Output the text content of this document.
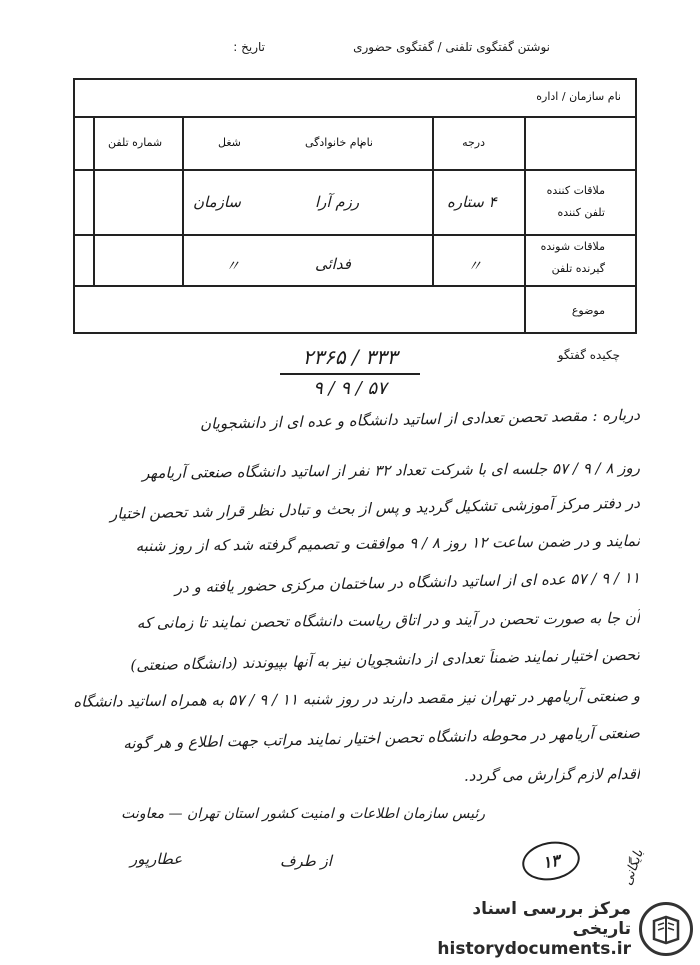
نوشتن گفتگوی تلفنی / گفتگوی حضوری
تاریخ :
نام سازمان / اداره
درجه
نام
نام خانوادگی
شغل
شماره تلفن
ملاقات کننده
تلفن کننده
۴ ستاره
رزم آرا
سازمان
ملاقات شونده
گیرنده تلفن
〃
فدائی
〃
موضوع
چکیده گفتگو
۳۳۳ / ۲۳۶۵
۵۷ / ۹ / ۹
درباره : مقصد تحصن تعدادی از اساتید دانشگاه و عده ای از دانشجویان
روز ۸ / ۹ / ۵۷ جلسه ای با شرکت تعداد ۳۲ نفر از اساتید دانشگاه صنعتی آریامهر
در دفتر مرکز آموزشی تشکیل گردید و پس از بحث و تبادل نظر قرار شد تحصن اختیار
نمایند و در ضمن ساعت ۱۲ روز ۸ / ۹ موافقت و تصمیم گرفته شد که از روز شنبه
۱۱ / ۹ / ۵۷ عده ای از اساتید دانشگاه در ساختمان مرکزی حضور یافته و در
آن جا به صورت تحصن در آیند و در اتاق ریاست دانشگاه تحصن نمایند تا زمانی که
تحصن اختیار نمایند ضمناً تعدادی از دانشجویان نیز به آنها بپیوندند (دانشگاه صنعتی)
و صنعتی آریامهر در تهران نیز مقصد دارند در روز شنبه ۱۱ / ۹ / ۵۷ به همراه اساتید دانشگاه
صنعتی آریامهر در محوطه دانشگاه تحصن اختیار نمایند مراتب جهت اطلاع و هر گونه
اقدام لازم گزارش می گردد.
رئیس سازمان اطلاعات و امنیت کشور استان تهران — معاونت
از طرف
عطارپور	۱۳	بایگانی
مرکز بررسی اسناد تاریخی
historydocuments.ir
